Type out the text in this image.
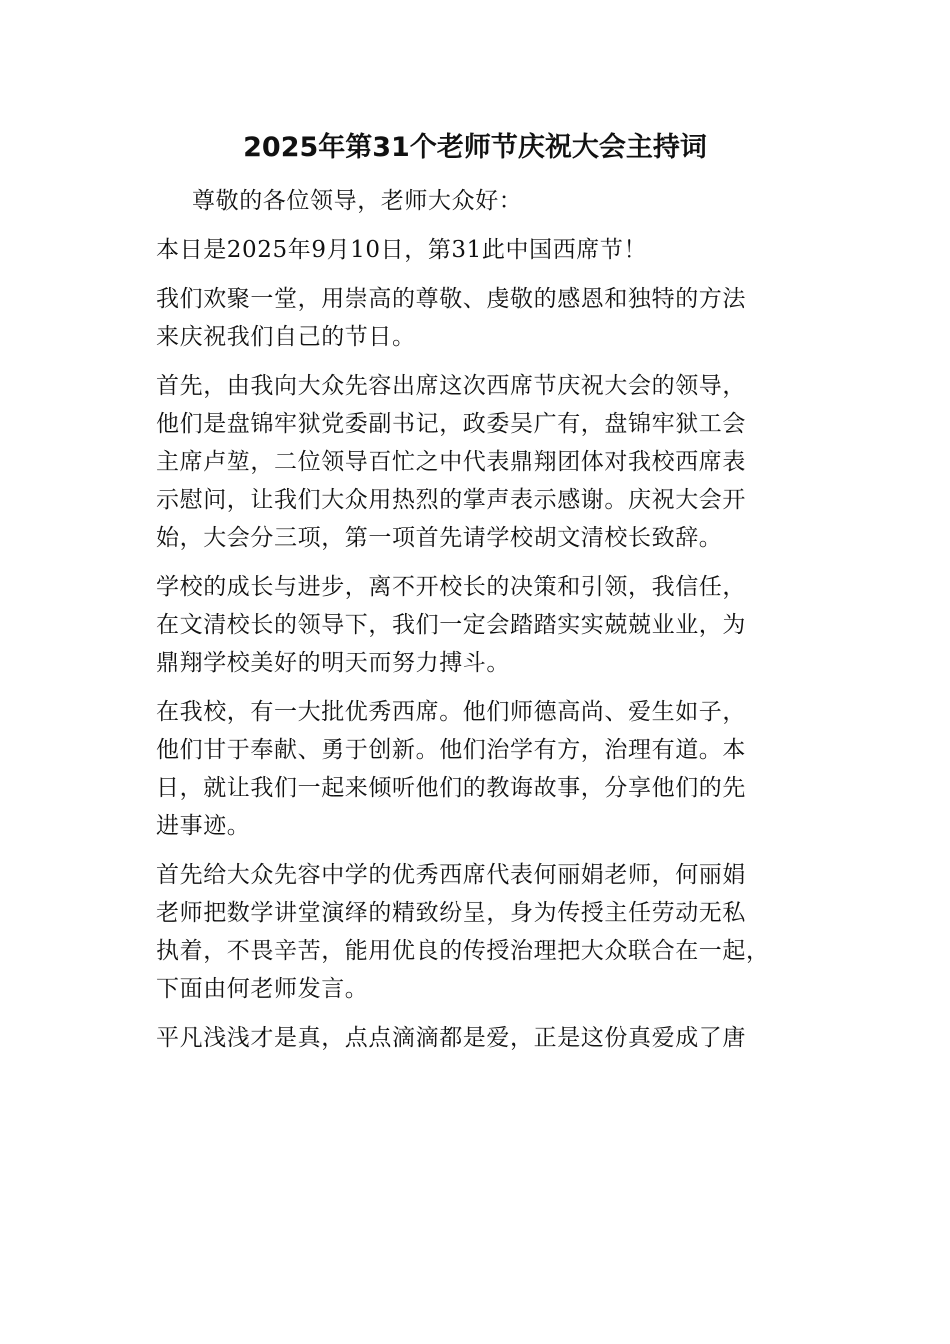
2025年第31个老师节庆祝大会主持词

尊敬的各位领导，老师大众好：

本日是2025年9月10日，第31此中国西席节！

我们欢聚一堂，用崇高的尊敬、虔敬的感恩和独特的方法
来庆祝我们自己的节日。

首先，由我向大众先容出席这次西席节庆祝大会的领导，
他们是盘锦牢狱党委副书记，政委吴广有，盘锦牢狱工会
主席卢堃，二位领导百忙之中代表鼎翔团体对我校西席表
示慰问，让我们大众用热烈的掌声表示感谢。庆祝大会开
始，大会分三项，第一项首先请学校胡文清校长致辞。

学校的成长与进步，离不开校长的决策和引领，我信任，
在文清校长的领导下，我们一定会踏踏实实兢兢业业，为
鼎翔学校美好的明天而努力搏斗。

在我校，有一大批优秀西席。他们师德高尚、爱生如子，
他们甘于奉献、勇于创新。他们治学有方，治理有道。本
日，就让我们一起来倾听他们的教诲故事，分享他们的先
进事迹。

首先给大众先容中学的优秀西席代表何丽娟老师，何丽娟
老师把数学讲堂演绎的精致纷呈，身为传授主任劳动无私
执着，不畏辛苦，能用优良的传授治理把大众联合在一起，
下面由何老师发言。

平凡浅浅才是真，点点滴滴都是爱，正是这份真爱成了唐
